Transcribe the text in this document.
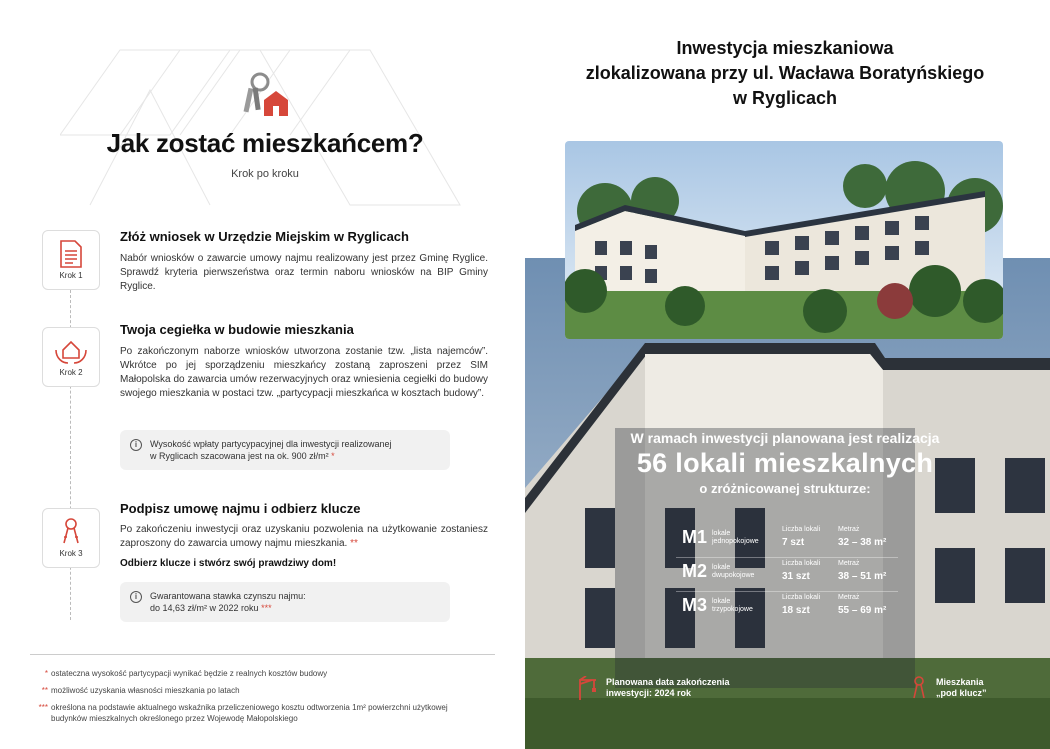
Jak zostać mieszkańcem?
Krok po kroku
Krok 1
Złóż wniosek w Urzędzie Miejskim w Ryglicach
Nabór wniosków o zawarcie umowy najmu realizowany jest przez Gminę Ryglice. Sprawdź kryteria pierwszeństwa oraz termin naboru wniosków na BIP Gminy Ryglice.
Krok 2
Twoja cegiełka w budowie mieszkania
Po zakończonym naborze wniosków utworzona zostanie tzw. „lista najemców”. Wkrótce po jej sporządzeniu mieszkańcy zostaną zaproszeni przez SIM Małopolska do zawarcia umów rezerwacyjnych oraz wniesienia cegiełki do budowy swojego mieszkania w postaci tzw. „partycypacji mieszkańca w kosztach budowy”.
i	Wysokość wpłaty partycypacyjnej dla inwestycji realizowanej
w Ryglicach szacowana jest na ok. 900 zł/m² *
Krok 3
Podpisz umowę najmu i odbierz klucze
Po zakończeniu inwestycji oraz uzyskaniu pozwolenia na użytkowanie zostaniesz zaproszony do zawarcia umowy najmu mieszkania. **
Odbierz klucze i stwórz swój prawdziwy dom!
i	Gwarantowana stawka czynszu najmu:
do 14,63 zł/m² w 2022 roku ***
* ostateczna wysokość partycypacji wynikać będzie z realnych kosztów budowy
** możliwość uzyskania własności mieszkania po latach
*** określona na podstawie aktualnego wskaźnika przeliczeniowego kosztu odtworzenia 1m² powierzchni użytkowej
budynków mieszkalnych określonego przez Wojewodę Małopolskiego
Inwestycja mieszkaniowa
zlokalizowana przy ul. Wacława Boratyńskiego
w Ryglicach
W ramach inwestycji planowana jest realizacja
56 lokali mieszkalnych
o zróżnicowanej strukturze:
M1 lokale
jednopokojowe
Liczba lokali
7 szt
Metraż
32 – 38 m²
M2 lokale
dwupokojowe
Liczba lokali
31 szt
Metraż
38 – 51 m²
M3 lokale
trzypokojowe
Liczba lokali
18 szt
Metraż
55 – 69 m²
Planowana data zakończenia
inwestycji: 2024 rok
Mieszkania
„pod klucz”
